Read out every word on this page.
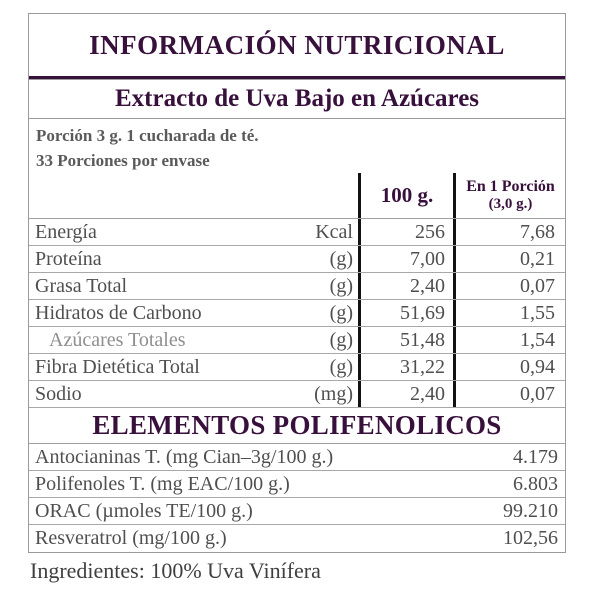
INFORMACIÓN NUTRICIONAL
Extracto de Uva Bajo en Azúcares
Porción 3 g. 1 cucharada de té.
33 Porciones por envase
100 g.	En 1 Porción
(3,0 g.)
Energía	Kcal	256	7,68
Proteína	(g)	7,00	0,21
Grasa Total	(g)	2,40	0,07
Hidratos de Carbono	(g)	51,69	1,55
Azúcares Totales	(g)	51,48	1,54
Fibra Dietética Total	(g)	31,22	0,94
Sodio	(mg)	2,40	0,07
ELEMENTOS POLIFENOLICOS
Antocianinas T. (mg Cian–3g/100 g.)	4.179
Polifenoles T. (mg EAC/100 g.)	6.803
ORAC (µmoles TE/100 g.)	99.210
Resveratrol (mg/100 g.)	102,56
Ingredientes: 100% Uva Vinífera
